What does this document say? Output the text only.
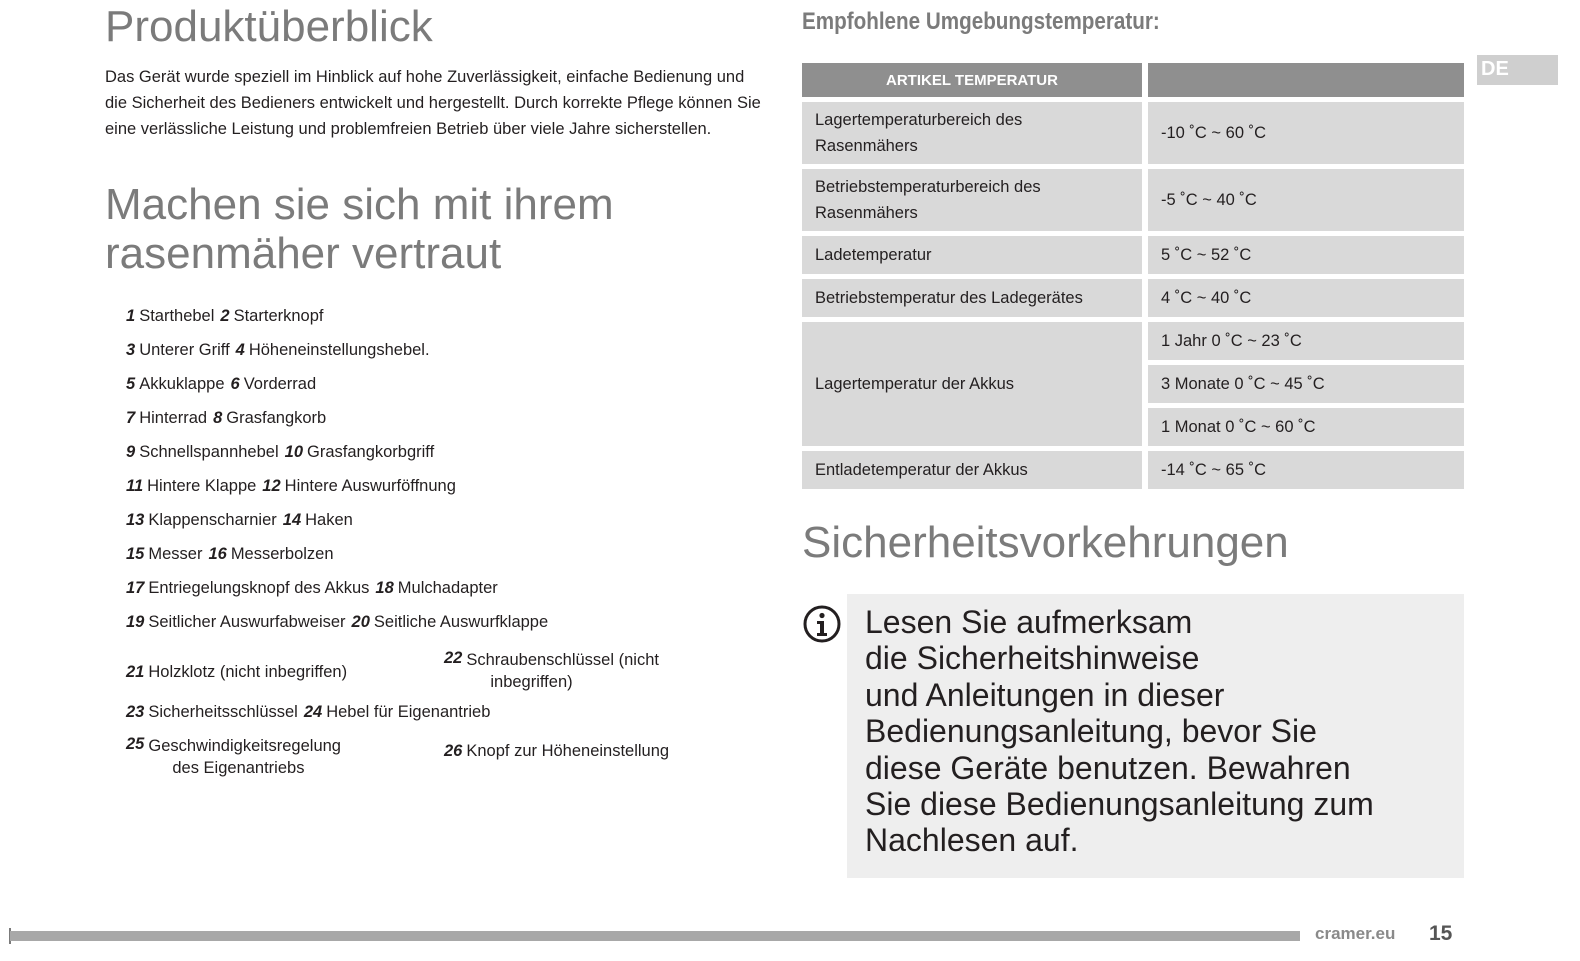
Produktüberblick

Das Gerät wurde speziell im Hinblick auf hohe Zuverlässigkeit, einfache Bedienung und die Sicherheit des Bedieners entwickelt und hergestellt. Durch korrekte Pflege können Sie eine verlässliche Leistung und problemfreien Betrieb über viele Jahre sicherstellen.

Machen sie sich mit ihrem rasenmäher vertraut
1 Starthebel 2 Starterknopf
3 Unterer Griff 4 Höheneinstellungshebel.
5 Akkuklappe 6 Vorderrad
7 Hinterrad 8 Grasfangkorb
9 Schnellspannhebel 10 Grasfangkorbgriff
11 Hintere Klappe 12 Hintere Auswurföffnung
13 Klappenscharnier 14 Haken
15 Messer 16 Messerbolzen
17 Entriegelungsknopf des Akkus 18 Mulchadapter
19 Seitlicher Auswurfabweiser 20 Seitliche Auswurfklappe
21 Holzklotz (nicht inbegriffen)
22 Schraubenschlüssel (nicht
inbegriffen)
23 Sicherheitsschlüssel 24 Hebel für Eigenantrieb
25 Geschwindigkeitsregelung
des Eigenantriebs
26 Knopf zur Höheneinstellung
Empfohlene Umgebungstemperatur:
ARTIKEL TEMPERATUR	
Lagertemperaturbereich des Rasenmähers	-10 ˚C ~ 60 ˚C
Betriebstemperaturbereich des Rasenmähers	-5 ˚C ~ 40 ˚C
Ladetemperatur	5 ˚C ~ 52 ˚C
Betriebstemperatur des Ladegerätes	4 ˚C ~ 40 ˚C
Lagertemperatur der Akkus	1 Jahr 0 ˚C ~ 23 ˚C
	3 Monate 0 ˚C ~ 45 ˚C
	1 Monat 0 ˚C ~ 60 ˚C
Entladetemperatur der Akkus	-14 ˚C ~ 65 ˚C
Sicherheitsvorkehrungen

Lesen Sie aufmerksam
die Sicherheitshinweise
und Anleitungen in dieser
Bedienungsanleitung, bevor Sie
diese Geräte benutzen. Bewahren
Sie diese Bedienungsanleitung zum
Nachlesen auf.

DE
cramer.eu 15
